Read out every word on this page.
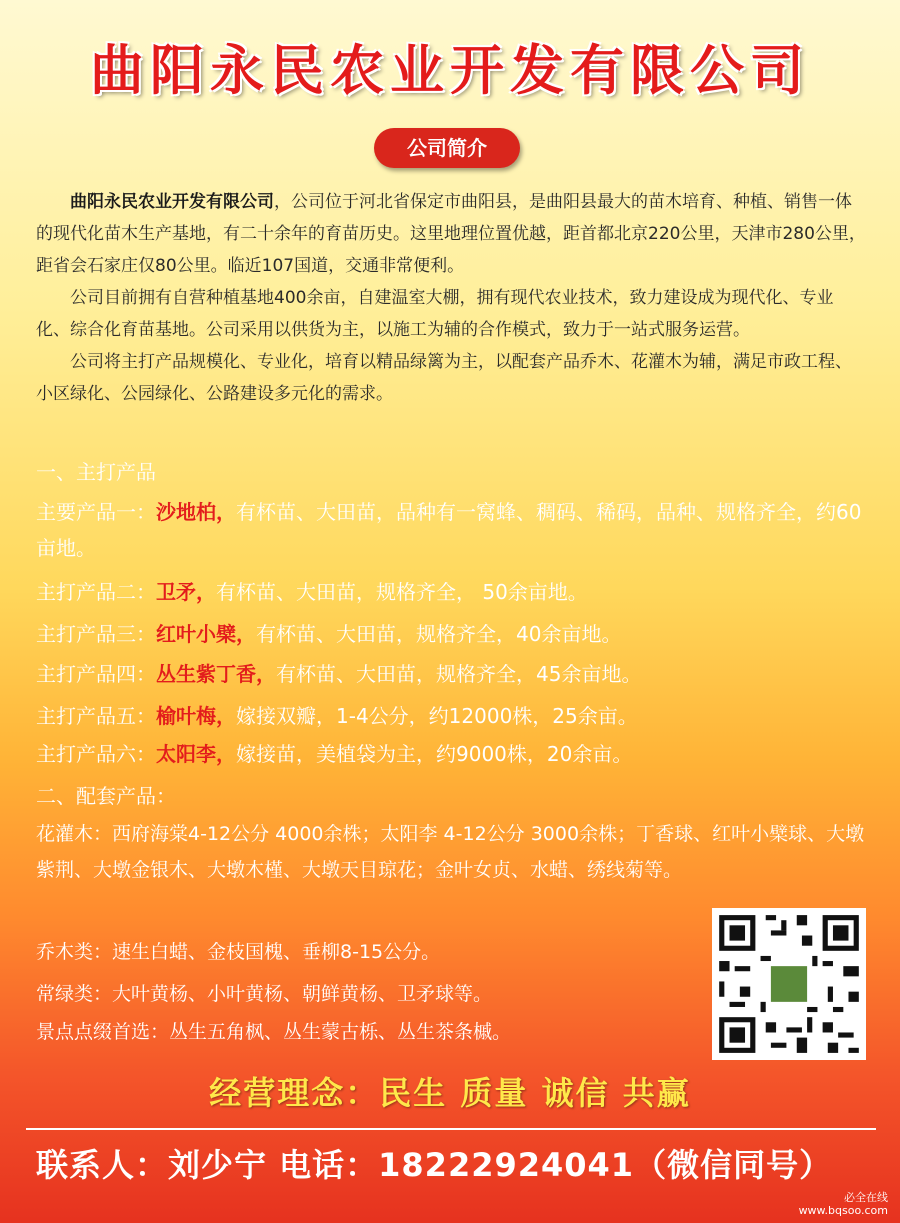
曲阳永民农业开发有限公司
公司简介

曲阳永民农业开发有限公司，公司位于河北省保定市曲阳县，是曲阳县最大的苗木培育、种植、销售一体的现代化苗木生产基地，有二十余年的育苗历史。这里地理位置优越，距首都北京220公里，天津市280公里，距省会石家庄仅80公里。临近107国道，交通非常便利。

公司目前拥有自营种植基地400余亩，自建温室大棚，拥有现代农业技术，致力建设成为现代化、专业化、综合化育苗基地。公司采用以供货为主，以施工为辅的合作模式，致力于一站式服务运营。

公司将主打产品规模化、专业化，培育以精品绿篱为主，以配套产品乔木、花灌木为辅，满足市政工程、小区绿化、公园绿化、公路建设多元化的需求。

一、主打产品
主要产品一：沙地柏，有杯苗、大田苗，品种有一窝蜂、稠码、稀码，品种、规格齐全，约60亩地。
主打产品二：卫矛，有杯苗、大田苗，规格齐全， 50余亩地。
主打产品三：红叶小檗，有杯苗、大田苗，规格齐全，40余亩地。
主打产品四：丛生紫丁香，有杯苗、大田苗，规格齐全，45余亩地。
主打产品五：榆叶梅，嫁接双瓣，1-4公分，约12000株，25余亩。
主打产品六：太阳李，嫁接苗，美植袋为主，约9000株，20余亩。
二、配套产品：
花灌木：西府海棠4-12公分 4000余株；太阳李 4-12公分 3000余株；丁香球、红叶小檗球、大墩紫荆、大墩金银木、大墩木槿、大墩天目琼花；金叶女贞、水蜡、绣线菊等。
乔木类：速生白蜡、金枝国槐、垂柳8-15公分。
常绿类：大叶黄杨、小叶黄杨、朝鲜黄杨、卫矛球等。
景点点缀首选：丛生五角枫、丛生蒙古栎、丛生茶条槭。
经营理念：民生 质量 诚信 共赢
联系人：刘少宁 电话：18222924041（微信同号）
必全在线
www.bqsoo.com
